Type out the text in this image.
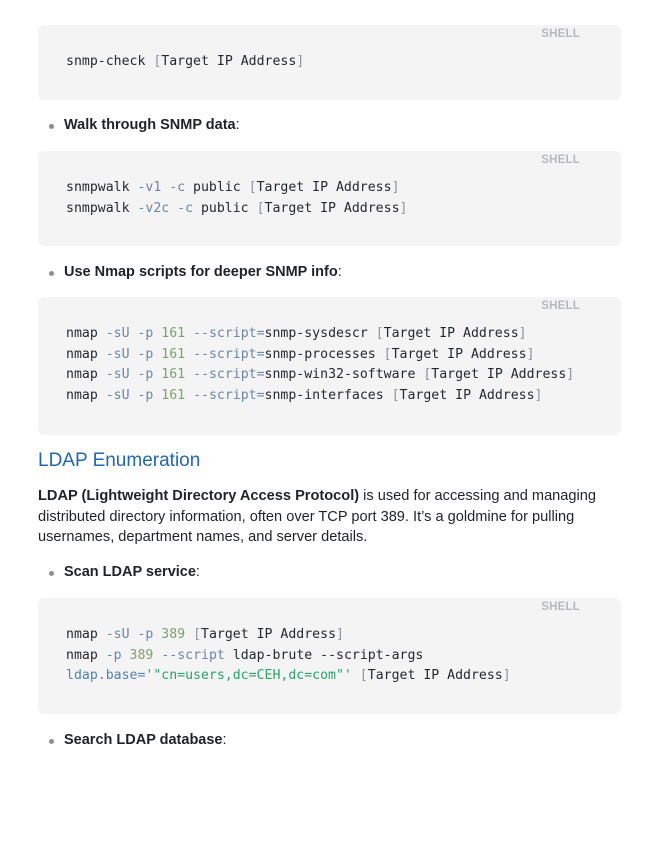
SHELL
snmp-check [Target IP Address]
Walk through SNMP data:
SHELL
snmpwalk -v1 -c public [Target IP Address]
snmpwalk -v2c -c public [Target IP Address]
Use Nmap scripts for deeper SNMP info:
SHELL
nmap -sU -p 161 --script=snmp-sysdescr [Target IP Address]
nmap -sU -p 161 --script=snmp-processes [Target IP Address]
nmap -sU -p 161 --script=snmp-win32-software [Target IP Address]
nmap -sU -p 161 --script=snmp-interfaces [Target IP Address]
LDAP Enumeration

LDAP (Lightweight Directory Access Protocol) is used for accessing and managing distributed directory information, often over TCP port 389. It’s a goldmine for pulling usernames, department names, and server details.

Scan LDAP service:
SHELL
nmap -sU -p 389 [Target IP Address]
nmap -p 389 --script ldap-brute --script-args
ldap.base='"cn=users,dc=CEH,dc=com"' [Target IP Address]
Search LDAP database:
